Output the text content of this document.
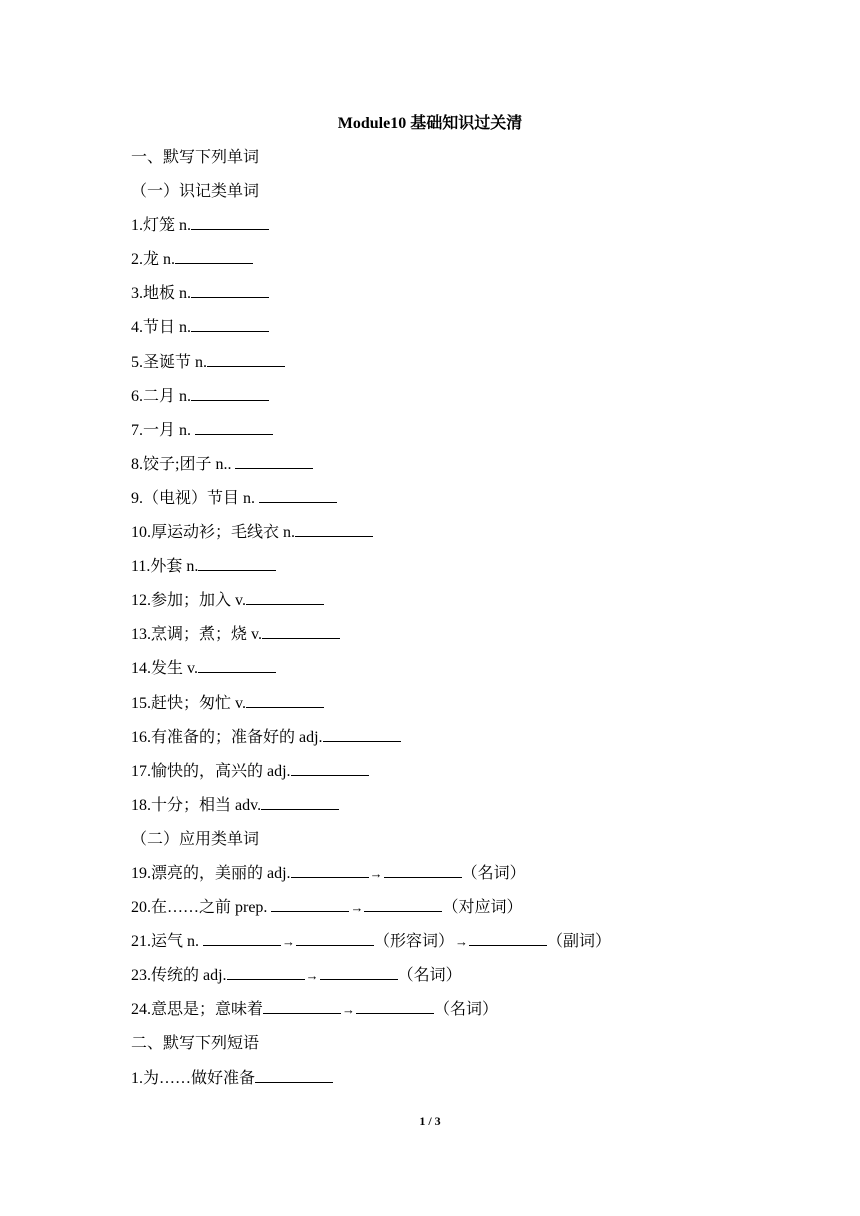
Module10 基础知识过关清
一、默写下列单词
（一）识记类单词
1.灯笼 n.
2.龙 n.
3.地板 n.
4.节日 n.
5.圣诞节 n.
6.二月 n.
7.一月 n.
8.饺子;团子 n..
9.（电视）节目 n.
10.厚运动衫；毛线衣 n.
11.外套 n.
12.参加；加入 v.
13.烹调；煮；烧 v.
14.发生 v.
15.赶快；匆忙 v.
16.有准备的；准备好的 adj.
17.愉快的，高兴的 adj.
18.十分；相当 adv.
（二）应用类单词
19.漂亮的，美丽的 adj.	→	（名词）
20.在……之前 prep.	→	（对应词）
21.运气 n.	→	（形容词）→	（副词）
23.传统的 adj.	→	（名词）
24.意思是；意味着	→	（名词）
二、默写下列短语
1.为……做好准备
1 / 3
